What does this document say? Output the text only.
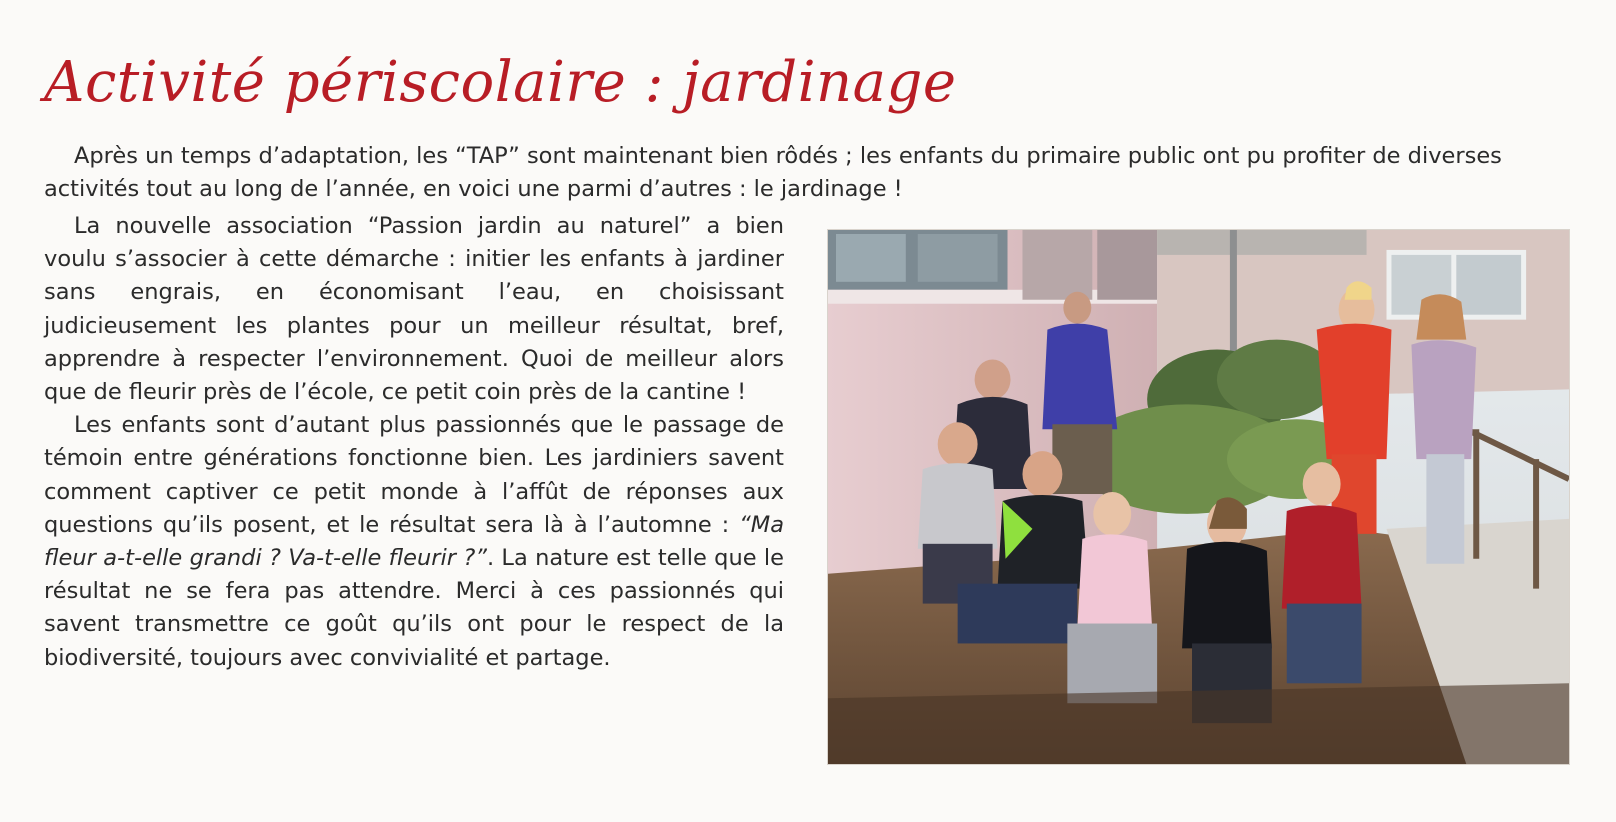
Activité périscolaire : jardinage

Après un temps d’adaptation, les “TAP” sont maintenant bien rôdés ; les enfants du primaire public ont pu profiter de diverses activités tout au long de l’année, en voici une parmi d’autres : le jardinage !

La nouvelle association “Passion jardin au naturel” a bien voulu s’associer à cette démarche : initier les enfants à jardiner sans engrais, en économisant l’eau, en choisissant judicieusement les plantes pour un meilleur résultat, bref, apprendre à respecter l’environnement. Quoi de meilleur alors que de fleurir près de l’école, ce petit coin près de la cantine !

Les enfants sont d’autant plus passionnés que le passage de témoin entre générations fonctionne bien. Les jardiniers savent comment captiver ce petit monde à l’affût de réponses aux questions qu’ils posent, et le résultat sera là à l’automne : “Ma fleur a-t-elle grandi ? Va-t-elle fleurir ?”. La nature est telle que le résultat ne se fera pas attendre. Merci à ces passionnés qui savent transmettre ce goût qu’ils ont pour le respect de la biodiversité, toujours avec convivialité et partage.
